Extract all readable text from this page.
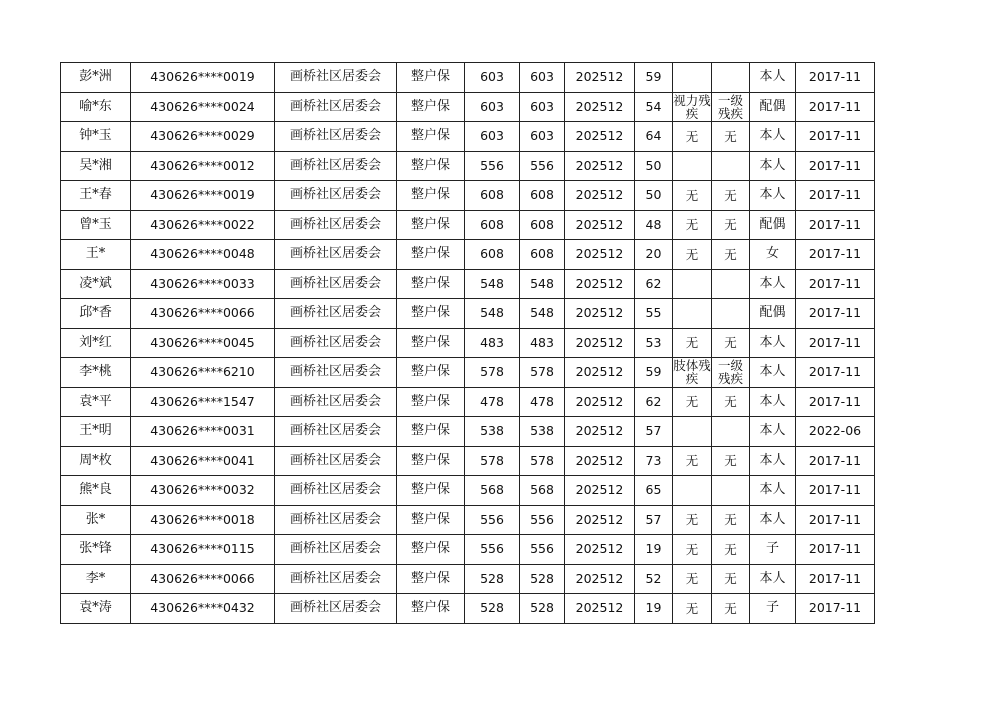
彭*洲	430626****0019	画桥社区居委会	整户保	603	603	202512	59			本人	2017-11
喻*东	430626****0024	画桥社区居委会	整户保	603	603	202512	54	视力残疾	一级残疾	配偶	2017-11
钟*玉	430626****0029	画桥社区居委会	整户保	603	603	202512	64	无	无	本人	2017-11
吴*湘	430626****0012	画桥社区居委会	整户保	556	556	202512	50			本人	2017-11
王*春	430626****0019	画桥社区居委会	整户保	608	608	202512	50	无	无	本人	2017-11
曾*玉	430626****0022	画桥社区居委会	整户保	608	608	202512	48	无	无	配偶	2017-11
王*	430626****0048	画桥社区居委会	整户保	608	608	202512	20	无	无	女	2017-11
凌*斌	430626****0033	画桥社区居委会	整户保	548	548	202512	62			本人	2017-11
邱*香	430626****0066	画桥社区居委会	整户保	548	548	202512	55			配偶	2017-11
刘*红	430626****0045	画桥社区居委会	整户保	483	483	202512	53	无	无	本人	2017-11
李*桃	430626****6210	画桥社区居委会	整户保	578	578	202512	59	肢体残疾	一级残疾	本人	2017-11
袁*平	430626****1547	画桥社区居委会	整户保	478	478	202512	62	无	无	本人	2017-11
王*明	430626****0031	画桥社区居委会	整户保	538	538	202512	57			本人	2022-06
周*枚	430626****0041	画桥社区居委会	整户保	578	578	202512	73	无	无	本人	2017-11
熊*良	430626****0032	画桥社区居委会	整户保	568	568	202512	65			本人	2017-11
张*	430626****0018	画桥社区居委会	整户保	556	556	202512	57	无	无	本人	2017-11
张*锋	430626****0115	画桥社区居委会	整户保	556	556	202512	19	无	无	子	2017-11
李*	430626****0066	画桥社区居委会	整户保	528	528	202512	52	无	无	本人	2017-11
袁*涛	430626****0432	画桥社区居委会	整户保	528	528	202512	19	无	无	子	2017-11
